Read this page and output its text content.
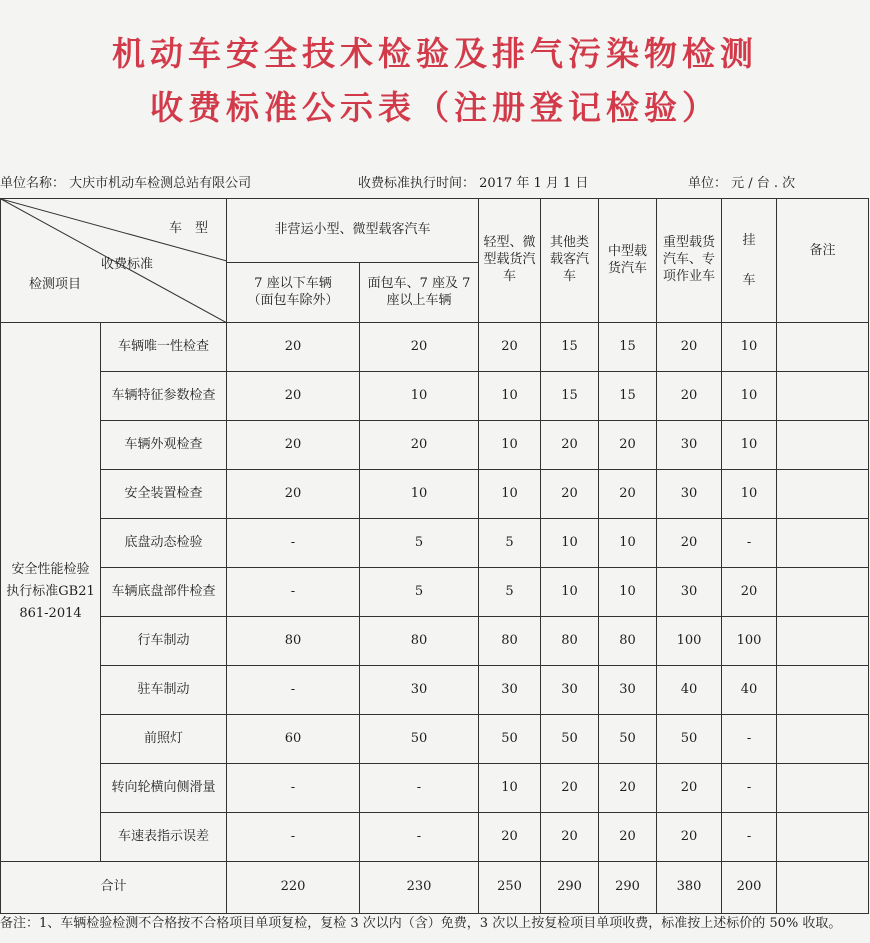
机动车安全技术检验及排气污染物检测
收费标准公示表（注册登记检验）
单位名称： 大庆市机动车检测总站有限公司	收费标准执行时间： 2017 年 1 月 1 日	单位： 元 / 台 . 次
车　型
收费标准
检测项目		非营运小型、微型载客汽车		轻型、微型载货汽车	其他类载客汽车	中型载货汽车	重型载货汽车、专项作业车	挂车	备注

		7 座以下车辆（面包车除外）	面包车、7 座及 7 座以上车辆						

安全性能检验执行标准GB21861-2014	车辆唯一性检查	20	20	20	15	15	20	10	
	车辆特征参数检查	20	10	10	15	15	20	10	
	车辆外观检查	20	20	10	20	20	30	10	
	安全装置检查	20	10	10	20	20	30	10	
	底盘动态检验	-	5	5	10	10	20	-	
	车辆底盘部件检查	-	5	5	10	10	30	20	
	行车制动	80	80	80	80	80	100	100	
	驻车制动	-	30	30	30	30	40	40	
	前照灯	60	50	50	50	50	50	-	
	转向轮横向侧滑量	-	-	10	20	20	20	-	
	车速表指示误差	-	-	20	20	20	20	-	
合计		220	230	250	290	290	380	200	
备注：1、车辆检验检测不合格按不合格项目单项复检，复检 3 次以内（含）免费，3 次以上按复检项目单项收费，标准按上述标价的 50% 收取。
